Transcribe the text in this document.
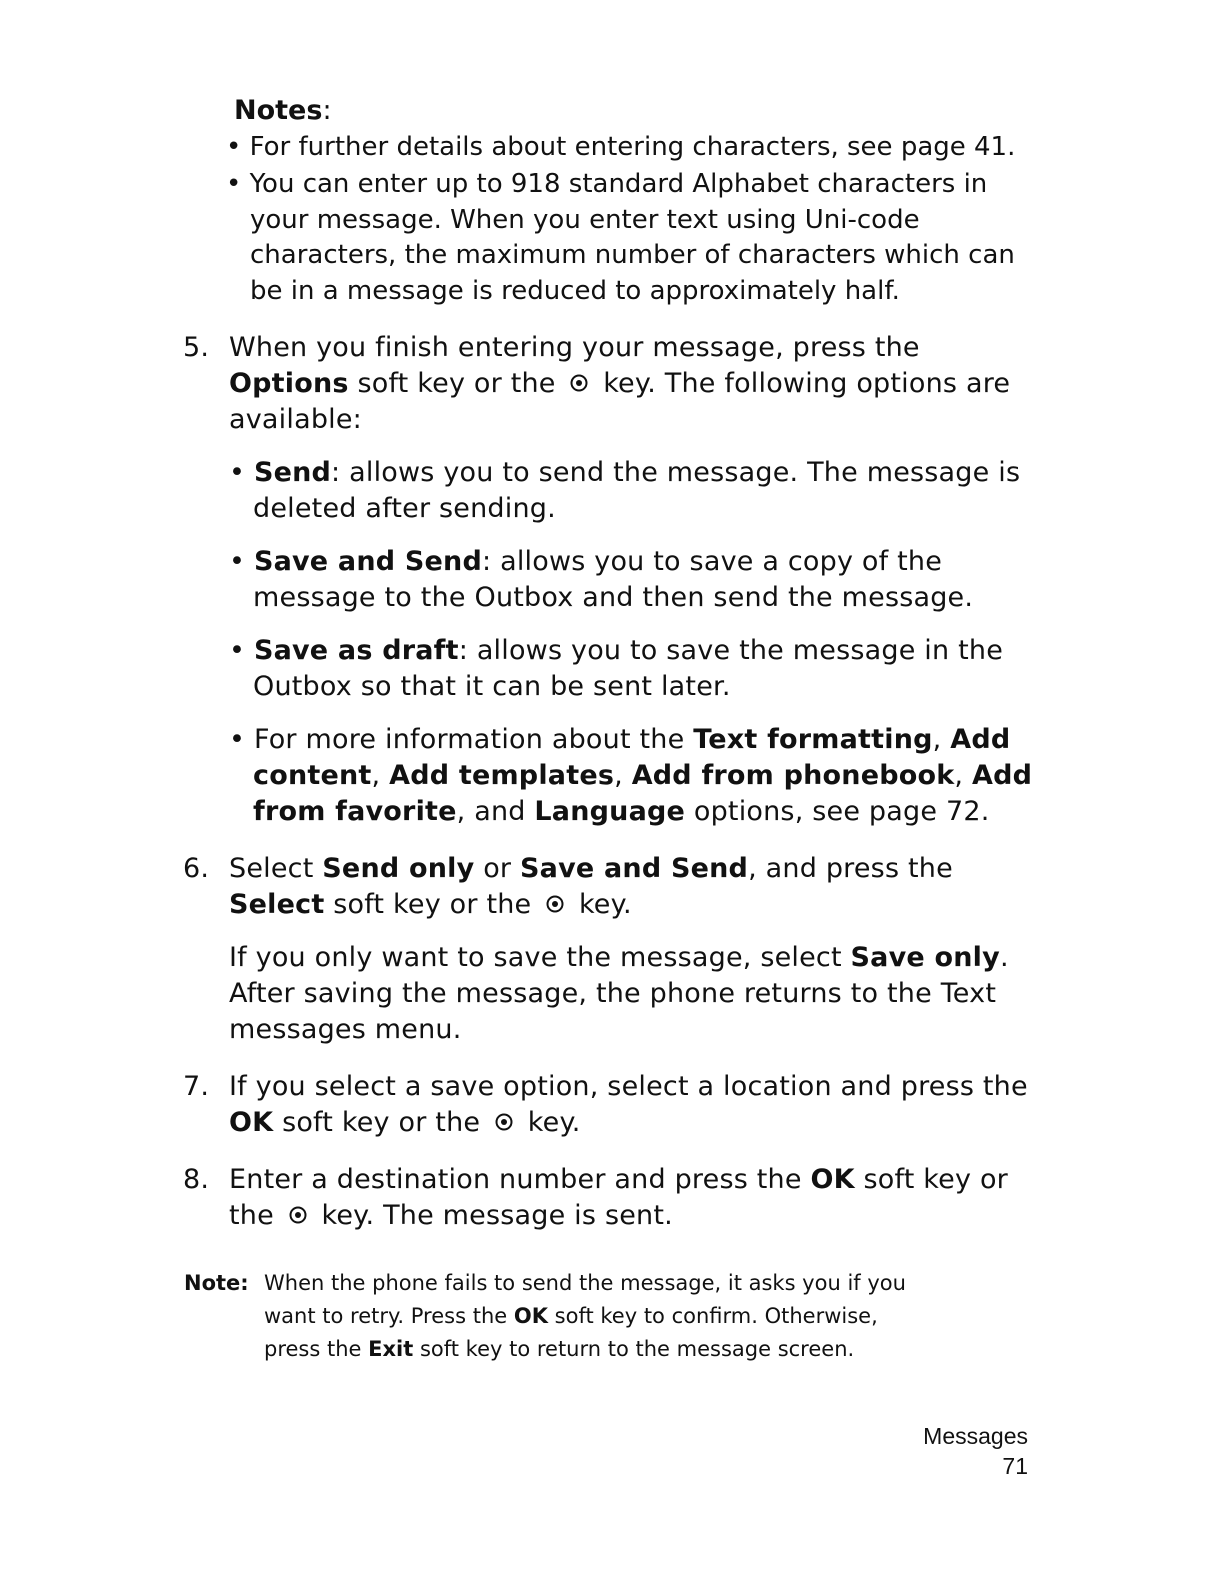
Notes:
• For further details about entering characters, see page 41.
• You can enter up to 918 standard Alphabet characters in
your message. When you enter text using Uni-code
characters, the maximum number of characters which can
be in a message is reduced to approximately half.
5. When you finish entering your message, press the
Options soft key or the  key. The following options are
available:
• Send: allows you to send the message. The message is
deleted after sending.
• Save and Send: allows you to save a copy of the
message to the Outbox and then send the message.
• Save as draft: allows you to save the message in the
Outbox so that it can be sent later.
• For more information about the Text formatting, Add
content, Add templates, Add from phonebook, Add
from favorite, and Language options, see page 72.
6. Select Send only or Save and Send, and press the
Select soft key or the  key.
If you only want to save the message, select Save only.
After saving the message, the phone returns to the Text
messages menu.
7. If you select a save option, select a location and press the
OK soft key or the  key.
8. Enter a destination number and press the OK soft key or
the  key. The message is sent.
Note: When the phone fails to send the message, it asks you if you
want to retry. Press the OK soft key to confirm. Otherwise,
press the Exit soft key to return to the message screen.
Messages
71
